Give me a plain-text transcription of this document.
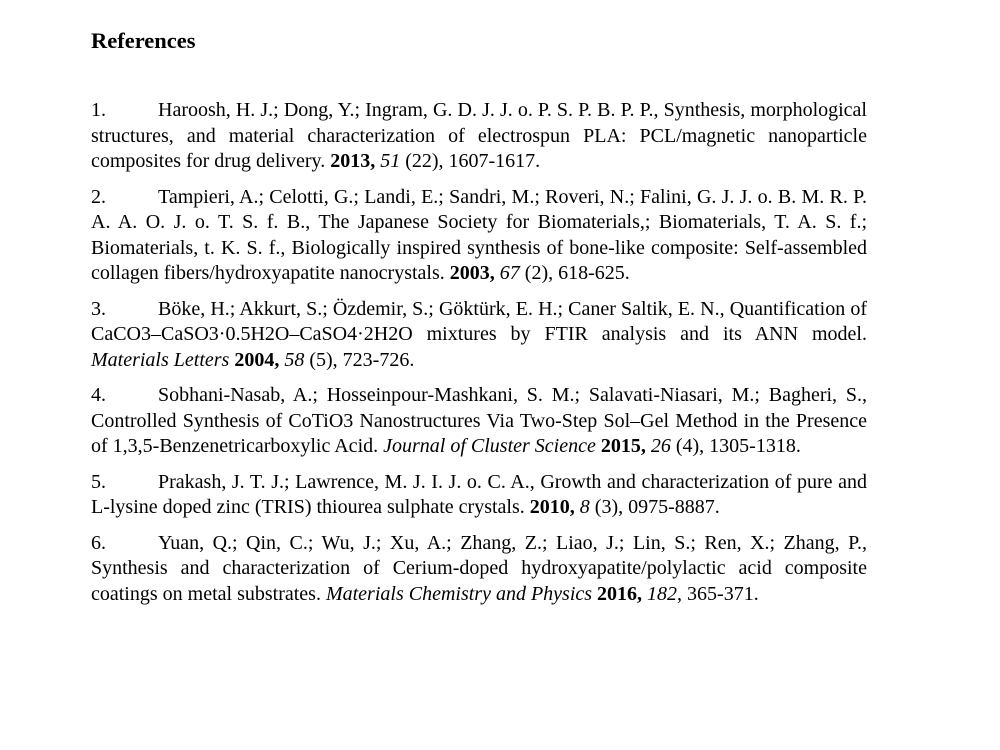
References
1.	Haroosh, H. J.; Dong, Y.; Ingram, G. D. J. J. o. P. S. P. B. P. P., Synthesis, morphological structures, and material characterization of electrospun PLA: PCL/magnetic nanoparticle composites for drug delivery. 2013, 51 (22), 1607-1617.
2.	Tampieri, A.; Celotti, G.; Landi, E.; Sandri, M.; Roveri, N.; Falini, G. J. J. o. B. M. R. P. A. A. O. J. o. T. S. f. B., The Japanese Society for Biomaterials,; Biomaterials, T. A. S. f.; Biomaterials, t. K. S. f., Biologically inspired synthesis of bone-like composite: Self-assembled collagen fibers/hydroxyapatite nanocrystals. 2003, 67 (2), 618-625.
3.	Böke, H.; Akkurt, S.; Özdemir, S.; Göktürk, E. H.; Caner Saltik, E. N., Quantification of CaCO3–CaSO3·0.5H2O–CaSO4·2H2O mixtures by FTIR analysis and its ANN model. Materials Letters 2004, 58 (5), 723-726.
4.	Sobhani-Nasab, A.; Hosseinpour-Mashkani, S. M.; Salavati-Niasari, M.; Bagheri, S., Controlled Synthesis of CoTiO3 Nanostructures Via Two-Step Sol–Gel Method in the Presence of 1,3,5-Benzenetricarboxylic Acid. Journal of Cluster Science 2015, 26 (4), 1305-1318.
5.	Prakash, J. T. J.; Lawrence, M. J. I. J. o. C. A., Growth and characterization of pure and L-lysine doped zinc (TRIS) thiourea sulphate crystals. 2010, 8 (3), 0975-8887.
6.	Yuan, Q.; Qin, C.; Wu, J.; Xu, A.; Zhang, Z.; Liao, J.; Lin, S.; Ren, X.; Zhang, P., Synthesis and characterization of Cerium-doped hydroxyapatite/polylactic acid composite coatings on metal substrates. Materials Chemistry and Physics 2016, 182, 365-371.
